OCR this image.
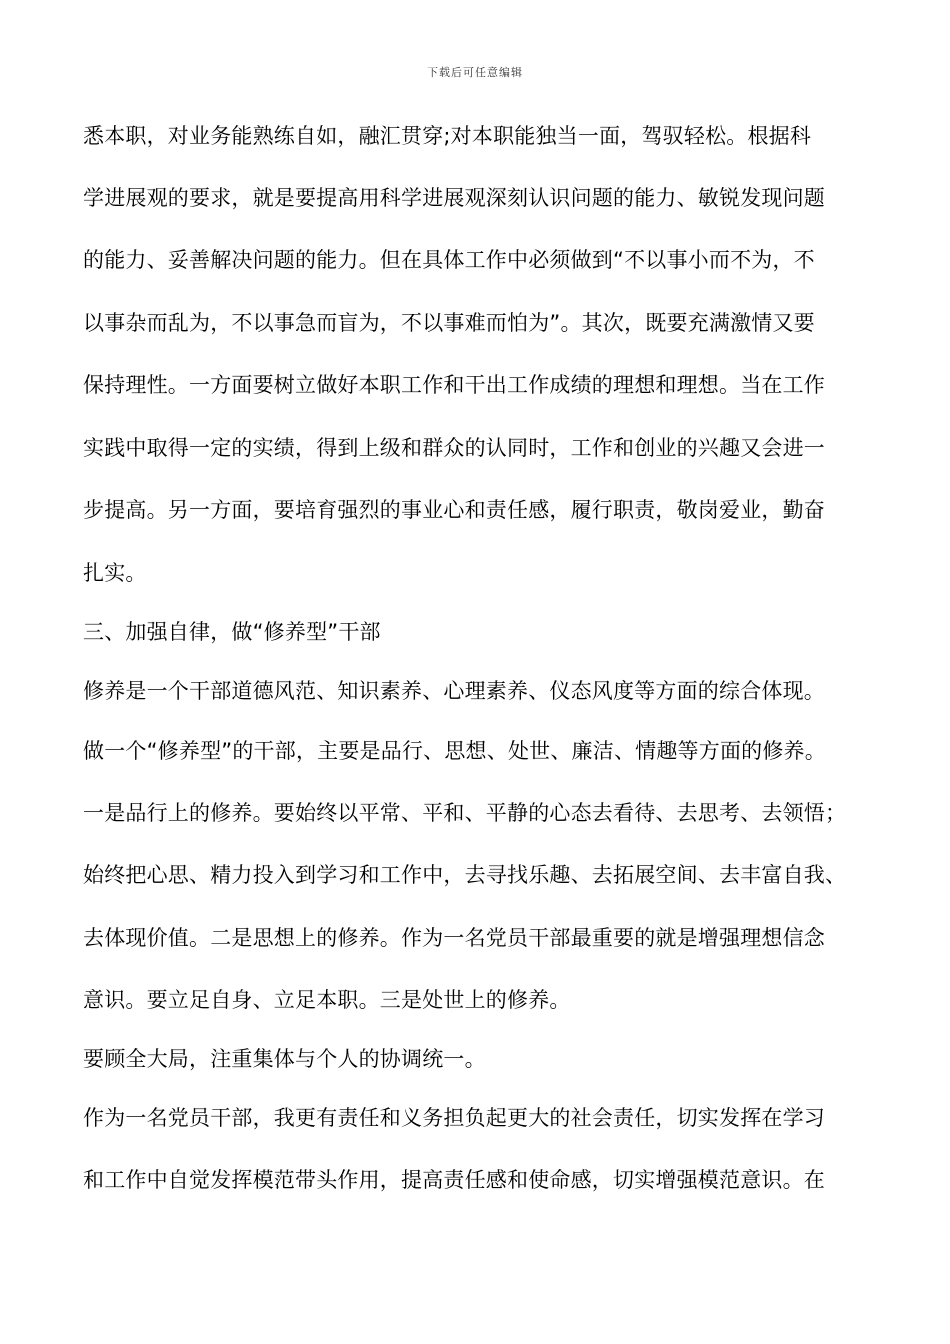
下载后可任意编辑
悉本职，对业务能熟练自如，融汇贯穿;对本职能独当一面，驾驭轻松。根据科
学进展观的要求，就是要提高用科学进展观深刻认识问题的能力、敏锐发现问题
的能力、妥善解决问题的能力。但在具体工作中必须做到“不以事小而不为，不
以事杂而乱为，不以事急而盲为，不以事难而怕为”。其次，既要充满激情又要
保持理性。一方面要树立做好本职工作和干出工作成绩的理想和理想。当在工作
实践中取得一定的实绩，得到上级和群众的认同时，工作和创业的兴趣又会进一
步提高。另一方面，要培育强烈的事业心和责任感，履行职责，敬岗爱业，勤奋
扎实。
三、加强自律，做“修养型”干部
修养是一个干部道德风范、知识素养、心理素养、仪态风度等方面的综合体现。
做一个“修养型”的干部，主要是品行、思想、处世、廉洁、情趣等方面的修养。
一是品行上的修养。要始终以平常、平和、平静的心态去看待、去思考、去领悟；
始终把心思、精力投入到学习和工作中，去寻找乐趣、去拓展空间、去丰富自我、
去体现价值。二是思想上的修养。作为一名党员干部最重要的就是增强理想信念
意识。要立足自身、立足本职。三是处世上的修养。
要顾全大局，注重集体与个人的协调统一。
作为一名党员干部，我更有责任和义务担负起更大的社会责任，切实发挥在学习
和工作中自觉发挥模范带头作用，提高责任感和使命感，切实增强模范意识。在
